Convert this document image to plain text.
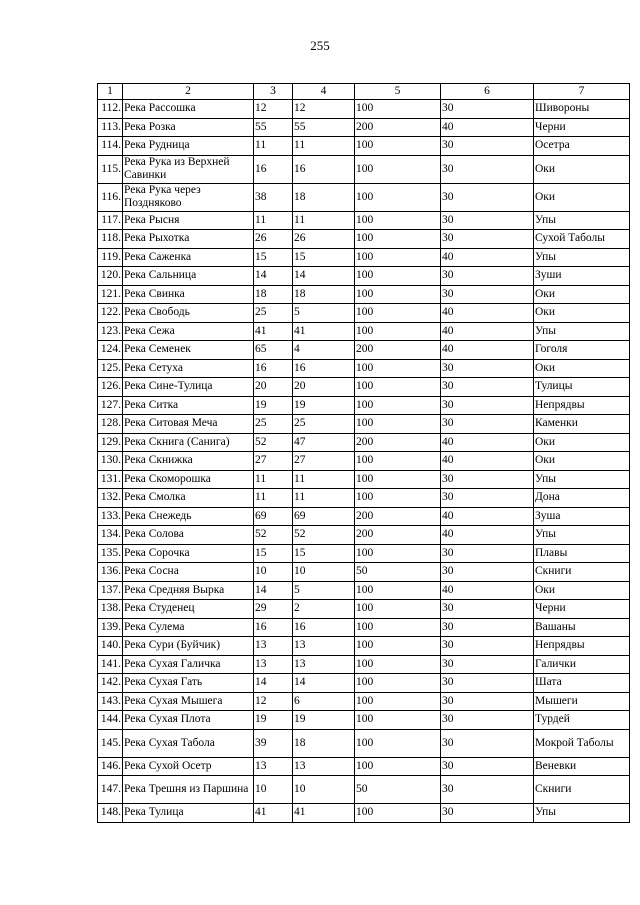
255
1	2	3	4	5	6	7
112.	Река Рассошка	12	12	100	30	Шивороны
113.	Река Розка	55	55	200	40	Черни
114.	Река Рудница	11	11	100	30	Осетра
115.	Река Рука из Верхней Савинки	16	16	100	30	Оки
116.	Река Рука через Поздняково	38	18	100	30	Оки
117.	Река Рысня	11	11	100	30	Упы
118.	Река Рыхотка	26	26	100	30	Сухой Таболы
119.	Река Саженка	15	15	100	40	Упы
120.	Река Сальница	14	14	100	30	Зуши
121.	Река Свинка	18	18	100	30	Оки
122.	Река Свободь	25	5	100	40	Оки
123.	Река Сежа	41	41	100	40	Упы
124.	Река Семенек	65	4	200	40	Гоголя
125.	Река Сетуха	16	16	100	30	Оки
126.	Река Сине-Тулица	20	20	100	30	Тулицы
127.	Река Ситка	19	19	100	30	Непрядвы
128.	Река Ситовая Меча	25	25	100	30	Каменки
129.	Река Скнига (Санига)	52	47	200	40	Оки
130.	Река Скнижка	27	27	100	40	Оки
131.	Река Скоморошка	11	11	100	30	Упы
132.	Река Смолка	11	11	100	30	Дона
133.	Река Снежедь	69	69	200	40	Зуша
134.	Река Солова	52	52	200	40	Упы
135.	Река Сорочка	15	15	100	30	Плавы
136.	Река Сосна	10	10	50	30	Скниги
137.	Река Средняя Вырка	14	5	100	40	Оки
138.	Река Студенец	29	2	100	30	Черни
139.	Река Сулема	16	16	100	30	Вашаны
140.	Река Сури (Буйчик)	13	13	100	30	Непрядвы
141.	Река Сухая Галичка	13	13	100	30	Галички
142.	Река Сухая Гать	14	14	100	30	Шата
143.	Река Сухая Мышега	12	6	100	30	Мышеги
144.	Река Сухая Плота	19	19	100	30	Турдей
145.	Река Сухая Табола	39	18	100	30	Мокрой Таболы
146.	Река Сухой Осетр	13	13	100	30	Веневки
147.	Река Трешня из Паршина	10	10	50	30	Скниги
148.	Река Тулица	41	41	100	30	Упы
